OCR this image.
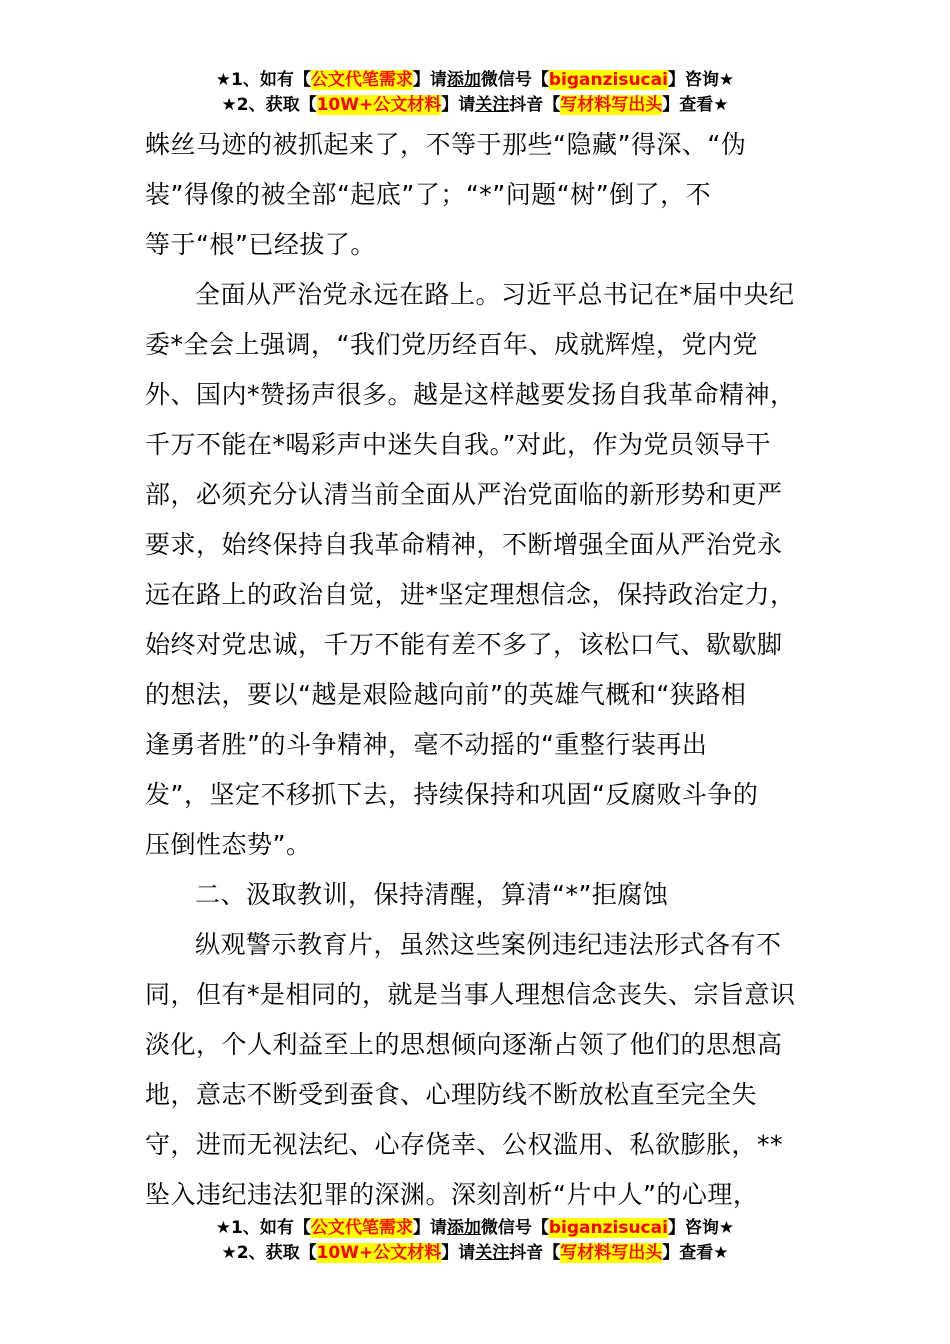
★1、如有【公文代笔需求】请添加微信号【biganzisucai】咨询★
★2、获取【10W+公文材料】请关注抖音【写材料写出头】查看★
蛛丝马迹的被抓起来了，不等于那些“隐藏”得深、“伪
装”得像的被全部“起底”了；“*”问题“树”倒了，不
等于“根”已经拔了。
全面从严治党永远在路上。习近平总书记在*届中央纪
委*全会上强调，“我们党历经百年、成就辉煌，党内党
外、国内*赞扬声很多。越是这样越要发扬自我革命精神，
千万不能在*喝彩声中迷失自我。”对此，作为党员领导干
部，必须充分认清当前全面从严治党面临的新形势和更严
要求，始终保持自我革命精神，不断增强全面从严治党永
远在路上的政治自觉，进*坚定理想信念，保持政治定力，
始终对党忠诚，千万不能有差不多了，该松口气、歇歇脚
的想法，要以“越是艰险越向前”的英雄气概和“狭路相
逢勇者胜”的斗争精神，毫不动摇的“重整行装再出
发”，坚定不移抓下去，持续保持和巩固“反腐败斗争的
压倒性态势”。
二、汲取教训，保持清醒，算清“*”拒腐蚀
纵观警示教育片，虽然这些案例违纪违法形式各有不
同，但有*是相同的，就是当事人理想信念丧失、宗旨意识
淡化，个人利益至上的思想倾向逐渐占领了他们的思想高
地，意志不断受到蚕食、心理防线不断放松直至完全失
守，进而无视法纪、心存侥幸、公权滥用、私欲膨胀，**
坠入违纪违法犯罪的深渊。深刻剖析“片中人”的心理，
★1、如有【公文代笔需求】请添加微信号【biganzisucai】咨询★
★2、获取【10W+公文材料】请关注抖音【写材料写出头】查看★
